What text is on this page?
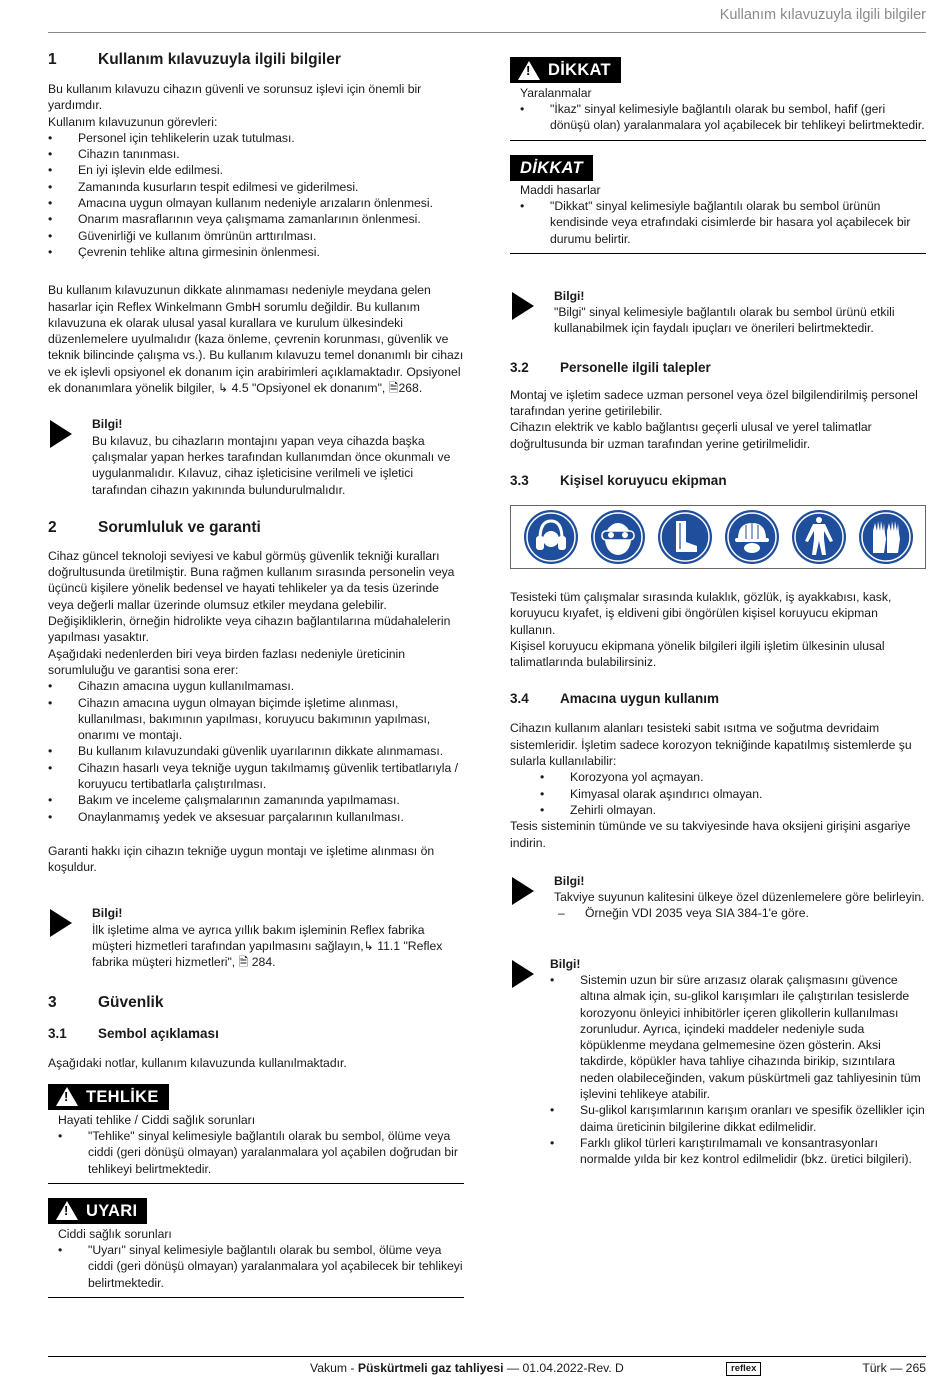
Kullanım kılavuzuyla ilgili bilgiler
1	Kullanım kılavuzuyla ilgili bilgiler

Bu kullanım kılavuzu cihazın güvenli ve sorunsuz işlevi için önemli bir yardımdır.

Kullanım kılavuzunun görevleri:

• Personel için tehlikelerin uzak tutulması.
• Cihazın tanınması.
• En iyi işlevin elde edilmesi.
• Zamanında kusurların tespit edilmesi ve giderilmesi.
• Amacına uygun olmayan kullanım nedeniyle arızaların önlenmesi.
• Onarım masraflarının veya çalışmama zamanlarının önlenmesi.
• Güvenirliği ve kullanım ömrünün arttırılması.
• Çevrenin tehlike altına girmesinin önlenmesi.

Bu kullanım kılavuzunun dikkate alınmaması nedeniyle meydana gelen hasarlar için Reflex Winkelmann GmbH sorumlu değildir. Bu kullanım kılavuzuna ek olarak ulusal yasal kurallara ve kurulum ülkesindeki düzenlemelere uyulmalıdır (kaza önleme, çevrenin korunması, güvenlik ve teknik bilincinde çalışma vs.). Bu kullanım kılavuzu temel donanımlı bir cihazı ve ek işlevli opsiyonel ek donanım için arabirimleri açıklamaktadır. Opsiyonel ek donanımlara yönelik bilgiler, ↳ 4.5 "Opsiyonel ek donanım", 🗎268.

Bilgi!
Bu kılavuz, bu cihazların montajını yapan veya cihazda başka çalışmalar yapan herkes tarafından kullanımdan önce okunmalı ve uygulanmalıdır. Kılavuz, cihaz işleticisine verilmeli ve işletici tarafından cihazın yakınında bulundurulmalıdır.
2	Sorumluluk ve garanti

Cihaz güncel teknoloji seviyesi ve kabul görmüş güvenlik tekniği kuralları doğrultusunda üretilmiştir. Buna rağmen kullanım sırasında personelin veya üçüncü kişilere yönelik bedensel ve hayati tehlikeler ya da tesis üzerinde veya değerli mallar üzerinde olumsuz etkiler meydana gelebilir.

Değişikliklerin, örneğin hidrolikte veya cihazın bağlantılarına müdahalelerin yapılması yasaktır.

Aşağıdaki nedenlerden biri veya birden fazlası nedeniyle üreticinin sorumluluğu ve garantisi sona erer:

• Cihazın amacına uygun kullanılmaması.
• Cihazın amacına uygun olmayan biçimde işletime alınması, kullanılması, bakımının yapılması, koruyucu bakımının yapılması, onarımı ve montajı.
• Bu kullanım kılavuzundaki güvenlik uyarılarının dikkate alınmaması.
• Cihazın hasarlı veya tekniğe uygun takılmamış güvenlik tertibatlarıyla / koruyucu tertibatlarla çalıştırılması.
• Bakım ve inceleme çalışmalarının zamanında yapılmaması.
• Onaylanmamış yedek ve aksesuar parçalarının kullanılması.

Garanti hakkı için cihazın tekniğe uygun montajı ve işletime alınması ön koşuldur.

Bilgi!
İlk işletime alma ve ayrıca yıllık bakım işleminin Reflex fabrika müşteri hizmetleri tarafından yapılmasını sağlayın,↳ 11.1 "Reflex fabrika müşteri hizmetleri", 🗎 284.
3	Güvenlik
3.1	Sembol açıklaması

Aşağıdaki notlar, kullanım kılavuzunda kullanılmaktadır.

!
TEHLİKE
Hayati tehlike / Ciddi sağlık sorunları
• "Tehlike" sinyal kelimesiyle bağlantılı olarak bu sembol, ölüme veya ciddi (geri dönüşü olmayan) yaralanmalara yol açabilen doğrudan bir tehlikeyi belirtmektedir.
!
UYARI
Ciddi sağlık sorunları
• "Uyarı" sinyal kelimesiyle bağlantılı olarak bu sembol, ölüme veya ciddi (geri dönüşü olmayan) yaralanmalara yol açabilecek bir tehlikeyi belirtmektedir.
!
DİKKAT
Yaralanmalar
• "İkaz" sinyal kelimesiyle bağlantılı olarak bu sembol, hafif (geri dönüşü olan) yaralanmalara yol açabilecek bir tehlikeyi belirtmektedir.
DİKKAT
Maddi hasarlar
• "Dikkat" sinyal kelimesiyle bağlantılı olarak bu sembol ürünün kendisinde veya etrafındaki cisimlerde bir hasara yol açabilecek bir durumu belirtir.
Bilgi!
"Bilgi" sinyal kelimesiyle bağlantılı olarak bu sembol ürünü etkili kullanabilmek için faydalı ipuçları ve önerileri belirtmektedir.
3.2	Personelle ilgili talepler

Montaj ve işletim sadece uzman personel veya özel bilgilendirilmiş personel tarafından yerine getirilebilir.

Cihazın elektrik ve kablo bağlantısı geçerli ulusal ve yerel talimatlar doğrultusunda bir uzman tarafından yerine getirilmelidir.

3.3	Kişisel koruyucu ekipman

Tesisteki tüm çalışmalar sırasında kulaklık, gözlük, iş ayakkabısı, kask, koruyucu kıyafet, iş eldiveni gibi öngörülen kişisel koruyucu ekipman kullanın.

Kişisel koruyucu ekipmana yönelik bilgileri ilgili işletim ülkesinin ulusal talimatlarında bulabilirsiniz.

3.4	Amacına uygun kullanım

Cihazın kullanım alanları tesisteki sabit ısıtma ve soğutma devridaim sistemleridir. İşletim sadece korozyon tekniğinde kapatılmış sistemlerde şu sularla kullanılabilir:

• Korozyona yol açmayan.
• Kimyasal olarak aşındırıcı olmayan.
• Zehirli olmayan.

Tesis sisteminin tümünde ve su takviyesinde hava oksijeni girişini asgariye indirin.

Bilgi!
Takviye suyunun kalitesini ülkeye özel düzenlemelere göre belirleyin.
– Örneğin VDI 2035 veya SIA 384-1'e göre.
Bilgi!
• Sistemin uzun bir süre arızasız olarak çalışmasını güvence altına almak için, su-glikol karışımları ile çalıştırılan tesislerde korozyonu önleyici inhibitörler içeren glikollerin kullanılması zorunludur. Ayrıca, içindeki maddeler nedeniyle suda köpüklenme meydana gelmemesine özen gösterin. Aksi takdirde, köpükler hava tahliye cihazında birikip, sızıntılara neden olabileceğinden, vakum püskürtmeli gaz tahliyesinin tüm işlevini tehlikeye atabilir.
• Su-glikol karışımlarının karışım oranları ve spesifik özellikler için daima üreticinin bilgilerine dikkat edilmelidir.
• Farklı glikol türleri karıştırılmamalı ve konsantrasyonları normalde yılda bir kez kontrol edilmelidir (bkz. üretici bilgileri).
Vakum - Püskürtmeli gaz tahliyesi — 01.04.2022-Rev. D	reflex	Türk — 265
